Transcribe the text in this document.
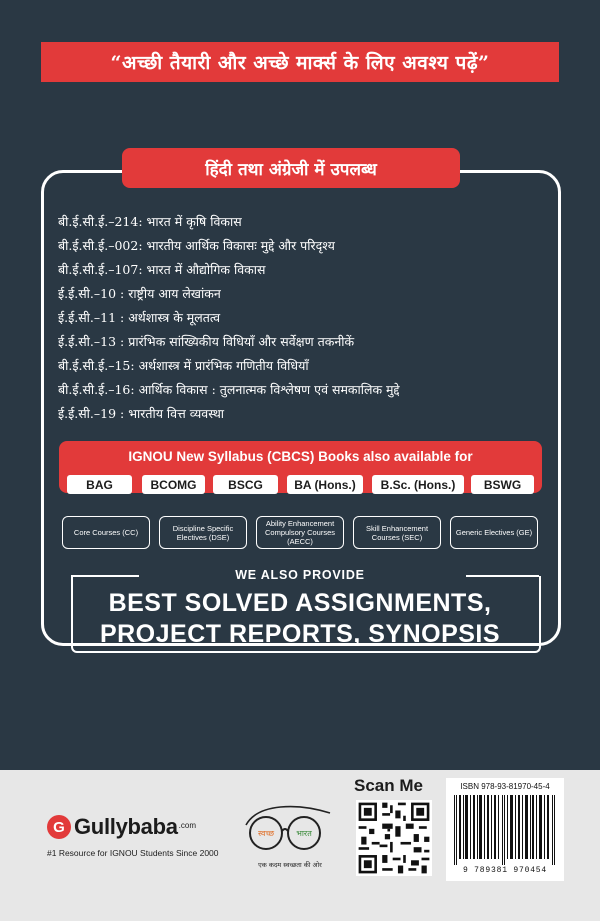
“अच्छी तैयारी और अच्छे मार्क्स के लिए अवश्य पढ़ें”
हिंदी तथा अंग्रेजी में उपलब्ध
बी.ई.सी.ई.–214: भारत में कृषि विकास
बी.ई.सी.ई.–002: भारतीय आर्थिक विकासः मुद्दे और परिदृश्य
बी.ई.सी.ई.–107: भारत में औद्योगिक विकास
ई.ई.सी.–10 : राष्ट्रीय आय लेखांकन
ई.ई.सी.–11 : अर्थशास्त्र के मूलतत्व
ई.ई.सी.–13 : प्रारंभिक सांख्यिकीय विधियाँ और सर्वेक्षण तकनीकें
बी.ई.सी.ई.–15: अर्थशास्त्र में प्रारंभिक गणितीय विधियाँ
बी.ई.सी.ई.–16: आर्थिक विकास : तुलनात्मक विश्लेषण एवं समकालिक मुद्दे
ई.ई.सी.–19 : भारतीय वित्त व्यवस्था
IGNOU New Syllabus (CBCS) Books also available for
BAG	BCOMG	BSCG	BA (Hons.)	B.Sc. (Hons.)	BSWG
Core Courses (CC)	Discipline Specific Electives (DSE)
Ability Enhancement Compulsory Courses (AECC)
Skill Enhancement Courses (SEC)	Generic Electives (GE)
WE ALSO PROVIDE
BEST SOLVED ASSIGNMENTS,
PROJECT REPORTS, SYNOPSIS
G Gullybaba .com
#1 Resource for IGNOU Students Since 2000
स्वच्छ	भारत
एक कदम स्वच्छता की ओर
Scan Me	ISBN 978-93-81970-45-4
9 789381 970454
